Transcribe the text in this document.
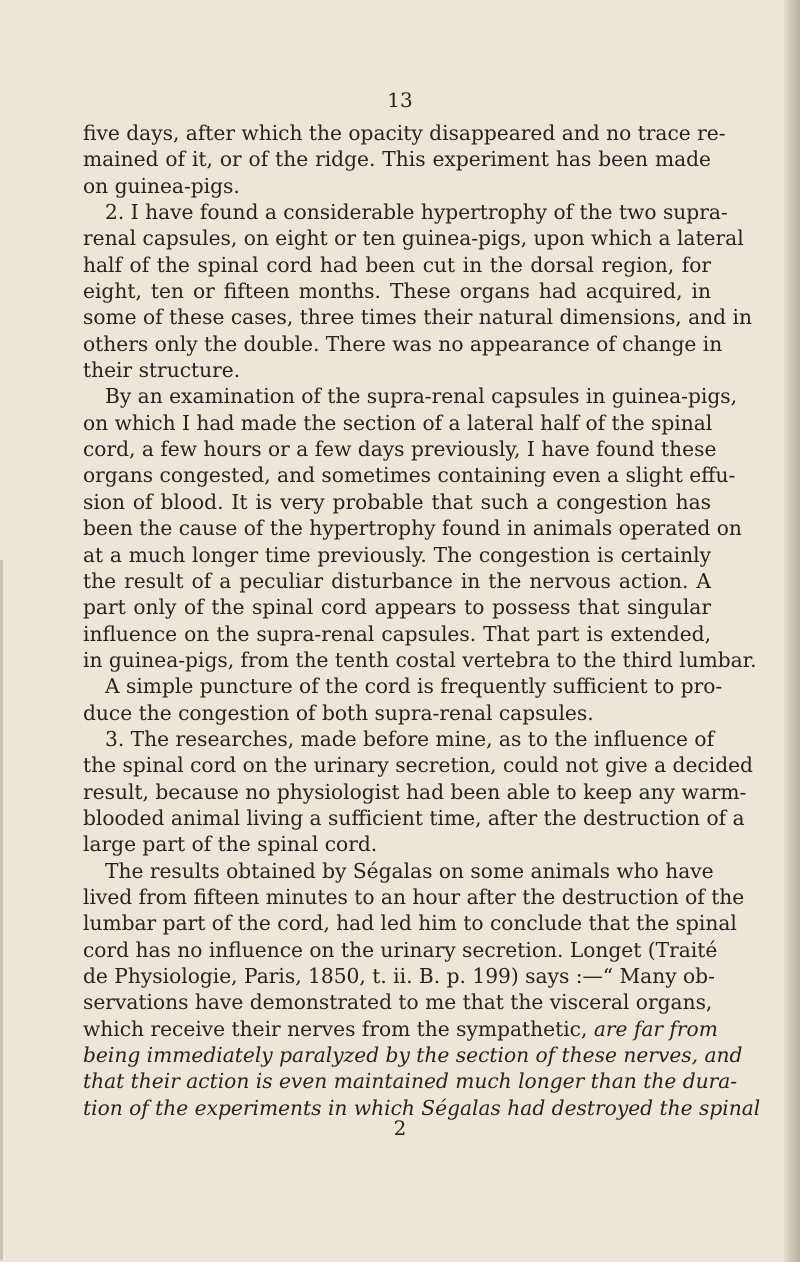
13
five days, after which the opacity disappeared and no trace re-
mained of it, or of the ridge. This experiment has been made
on guinea-pigs.
2. I have found a considerable hypertrophy of the two supra-
renal capsules, on eight or ten guinea-pigs, upon which a lateral
half of the spinal cord had been cut in the dorsal region, for
eight, ten or fifteen months. These organs had acquired, in
some of these cases, three times their natural dimensions, and in
others only the double. There was no appearance of change in
their structure.
By an examination of the supra-renal capsules in guinea-pigs,
on which I had made the section of a lateral half of the spinal
cord, a few hours or a few days previously, I have found these
organs congested, and sometimes containing even a slight effu-
sion of blood. It is very probable that such a congestion has
been the cause of the hypertrophy found in animals operated on
at a much longer time previously. The congestion is certainly
the result of a peculiar disturbance in the nervous action. A
part only of the spinal cord appears to possess that singular
influence on the supra-renal capsules. That part is extended,
in guinea-pigs, from the tenth costal vertebra to the third lumbar.
A simple puncture of the cord is frequently sufficient to pro-
duce the congestion of both supra-renal capsules.
3. The researches, made before mine, as to the influence of
the spinal cord on the urinary secretion, could not give a decided
result, because no physiologist had been able to keep any warm-
blooded animal living a sufficient time, after the destruction of a
large part of the spinal cord.
The results obtained by Ségalas on some animals who have
lived from fifteen minutes to an hour after the destruction of the
lumbar part of the cord, had led him to conclude that the spinal
cord has no influence on the urinary secretion. Longet (Traité
de Physiologie, Paris, 1850, t. ii. B. p. 199) says :—“ Many ob-
servations have demonstrated to me that the visceral organs,
which receive their nerves from the sympathetic, are far from
being immediately paralyzed by the section of these nerves, and
that their action is even maintained much longer than the dura-
tion of the experiments in which Ségalas had destroyed the spinal
2
